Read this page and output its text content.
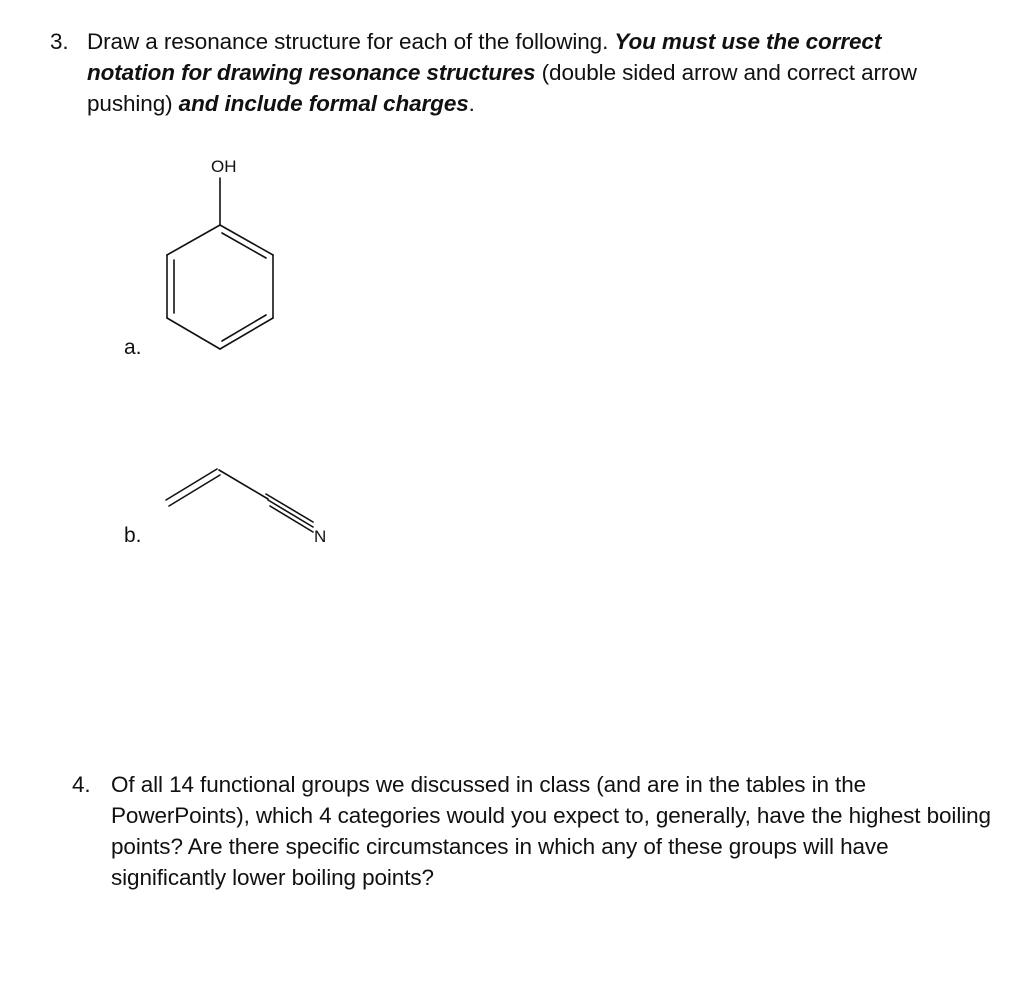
3. Draw a resonance structure for each of the following. You must use the correct notation for drawing resonance structures (double sided arrow and correct arrow pushing) and include formal charges.
a.
OH
b.	N
4. Of all 14 functional groups we discussed in class (and are in the tables in the PowerPoints), which 4 categories would you expect to, generally, have the highest boiling points? Are there specific circumstances in which any of these groups will have significantly lower boiling points?
